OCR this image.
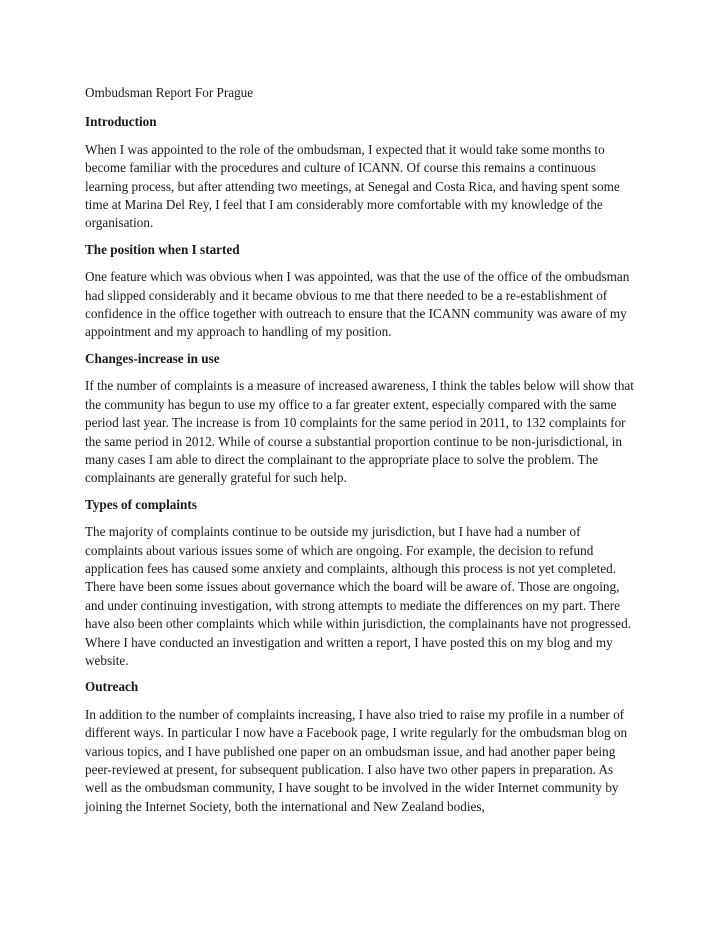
Ombudsman Report For Prague
Introduction
When I was appointed to the role of the ombudsman, I expected that it would take some months to become familiar with the procedures and culture of ICANN. Of course this remains a continuous learning process, but after attending two meetings, at Senegal and Costa Rica, and having spent some time at Marina Del Rey, I feel that I am considerably more comfortable with my knowledge of the organisation.
The position when I started
One feature which was obvious when I was appointed, was that the use of the office of the ombudsman had slipped considerably and it became obvious to me that there needed to be a re-establishment of confidence in the office together with outreach to ensure that the ICANN community was aware of my appointment and my approach to handling of my position.
Changes-increase in use
If the number of complaints is a measure of increased awareness, I think the tables below will show that the community has begun to use my office to a far greater extent, especially compared with the same period last year. The increase is from 10 complaints for the same period in 2011, to 132 complaints for the same period in 2012. While of course a substantial proportion continue to be non-jurisdictional, in many cases I am able to direct the complainant to the appropriate place to solve the problem. The complainants are generally grateful for such help.
Types of complaints
The majority of complaints continue to be outside my jurisdiction, but I have had a number of complaints about various issues some of which are ongoing. For example, the decision to refund application fees has caused some anxiety and complaints, although this process is not yet completed. There have been some issues about governance which the board will be aware of. Those are ongoing, and under continuing investigation, with strong attempts to mediate the differences on my part. There have also been other complaints which while within jurisdiction, the complainants have not progressed. Where I have conducted an investigation and written a report, I have posted this on my blog and my website.
Outreach
In addition to the number of complaints increasing, I have also tried to raise my profile in a number of different ways. In particular I now have a Facebook page, I write regularly for the ombudsman blog on various topics, and I have published one paper on an ombudsman issue, and had another paper being peer-reviewed at present, for subsequent publication. I also have two other papers in preparation. As well as the ombudsman community, I have sought to be involved in the wider Internet community by joining the Internet Society, both the international and New Zealand bodies,
